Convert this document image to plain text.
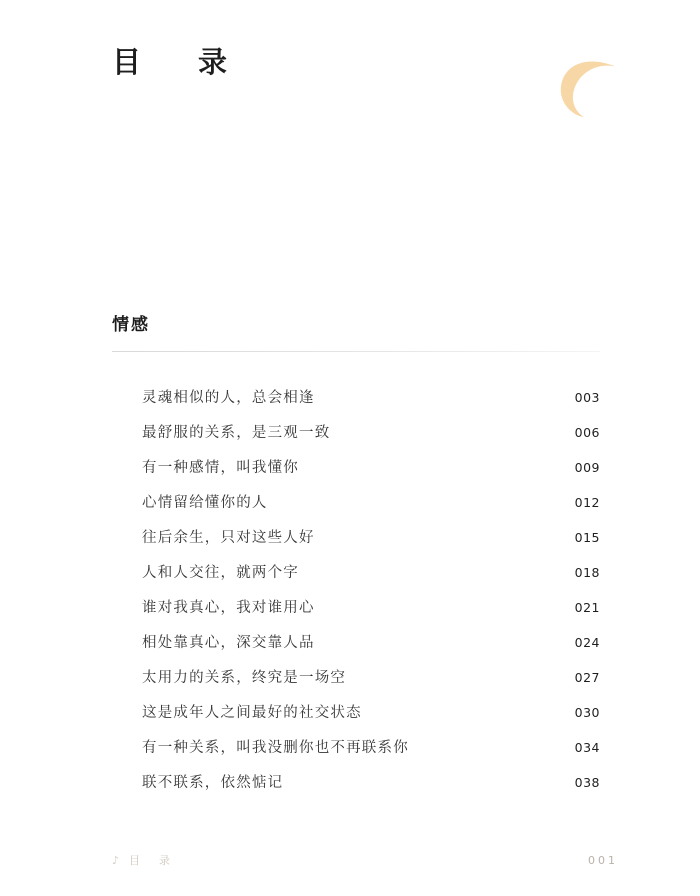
目　录
情感
灵魂相似的人，总会相逢	003
最舒服的关系，是三观一致	006
有一种感情，叫我懂你	009
心情留给懂你的人	012
往后余生，只对这些人好	015
人和人交往，就两个字	018
谁对我真心，我对谁用心	021
相处靠真心，深交靠人品	024
太用力的关系，终究是一场空	027
这是成年人之间最好的社交状态	030
有一种关系，叫我没删你也不再联系你	034
联不联系，依然惦记	038
♪ 目　录	001
